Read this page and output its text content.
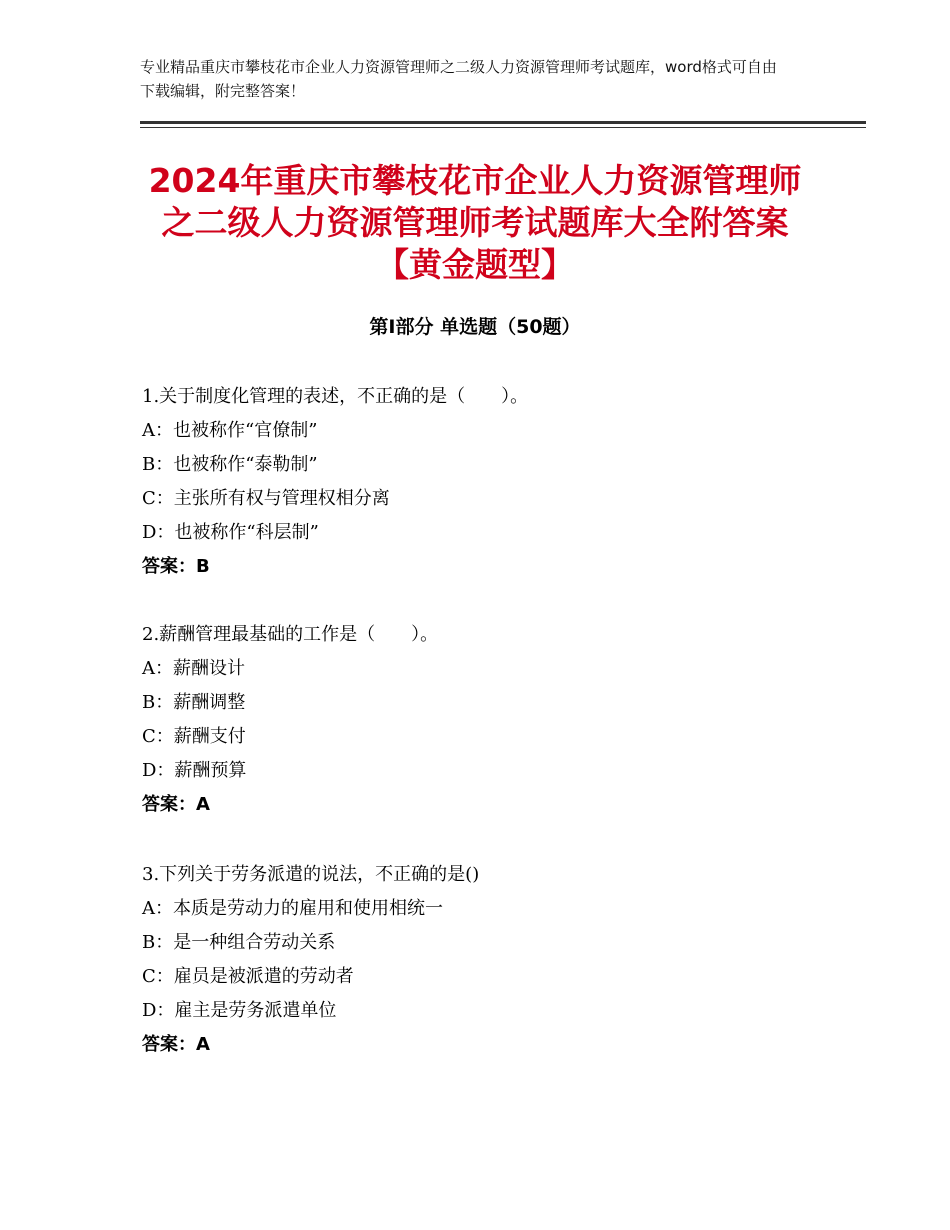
专业精品重庆市攀枝花市企业人力资源管理师之二级人力资源管理师考试题库，word格式可自由下载编辑，附完整答案！
2024年重庆市攀枝花市企业人力资源管理师之二级人力资源管理师考试题库大全附答案【黄金题型】
第Ⅰ部分 单选题（50题）
1.关于制度化管理的表述，不正确的是（　　）。
A：也被称作“官僚制”
B：也被称作“泰勒制”
C：主张所有权与管理权相分离
D：也被称作“科层制”
答案：B
2.薪酬管理最基础的工作是（　　）。
A：薪酬设计
B：薪酬调整
C：薪酬支付
D：薪酬预算
答案：A
3.下列关于劳务派遣的说法，不正确的是()
A：本质是劳动力的雇用和使用相统一
B：是一种组合劳动关系
C：雇员是被派遣的劳动者
D：雇主是劳务派遣单位
答案：A
